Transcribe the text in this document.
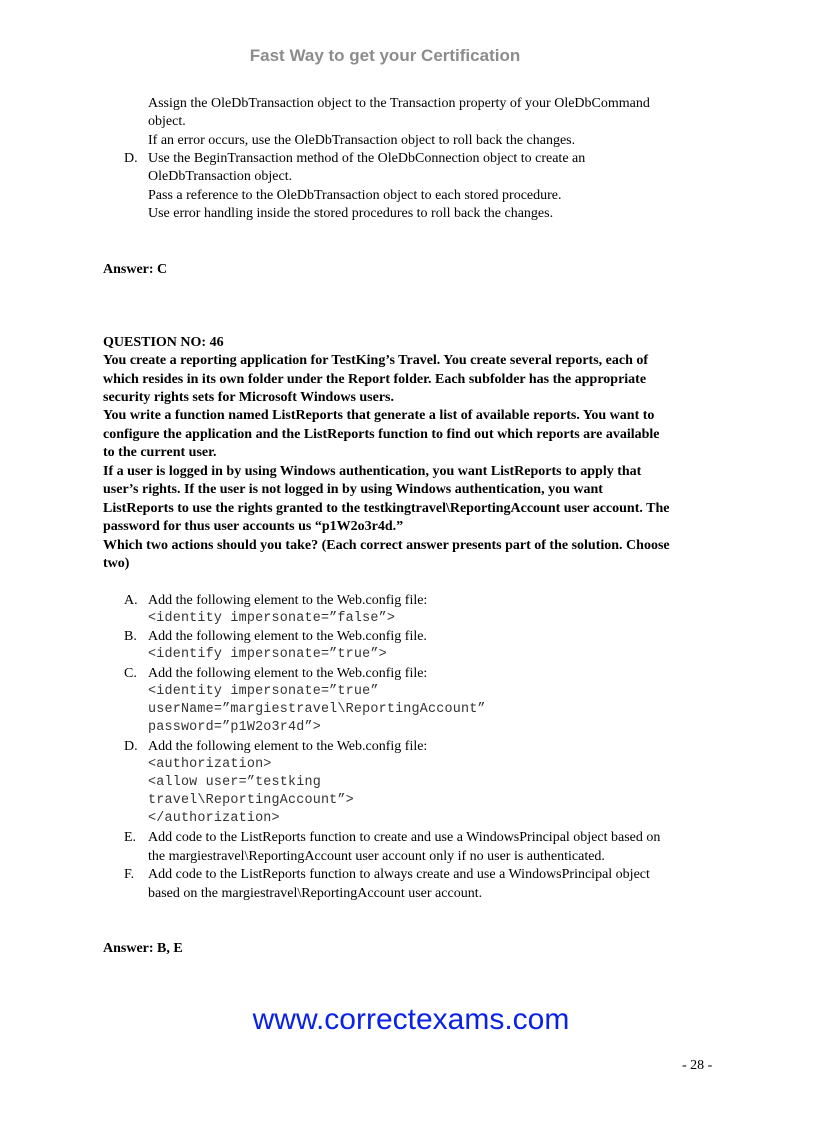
Fast Way to get your Certification
Assign the OleDbTransaction object to the Transaction property of your OleDbCommand
object.
If an error occurs, use the OleDbTransaction object to roll back the changes.
D. Use the BeginTransaction method of the OleDbConnection object to create an
OleDbTransaction object.
Pass a reference to the OleDbTransaction object to each stored procedure.
Use error handling inside the stored procedures to roll back the changes.
Answer: C
QUESTION NO: 46
You create a reporting application for TestKing’s Travel. You create several reports, each of
which resides in its own folder under the Report folder. Each subfolder has the appropriate
security rights sets for Microsoft Windows users.
You write a function named ListReports that generate a list of available reports. You want to
configure the application and the ListReports function to find out which reports are available
to the current user.
If a user is logged in by using Windows authentication, you want ListReports to apply that
user’s rights. If the user is not logged in by using Windows authentication, you want
ListReports to use the rights granted to the testkingtravel\ReportingAccount user account. The
password for thus user accounts us “p1W2o3r4d.”
Which two actions should you take? (Each correct answer presents part of the solution. Choose
two)
A. Add the following element to the Web.config file:
<identity impersonate=”false”>
B. Add the following element to the Web.config file.
<identify impersonate=”true”>
C. Add the following element to the Web.config file:
<identity impersonate=”true”
userName=”margiestravel\ReportingAccount”
password=”p1W2o3r4d”>
D. Add the following element to the Web.config file:
<authorization>
<allow user=”testking
travel\ReportingAccount”>
</authorization>
E. Add code to the ListReports function to create and use a WindowsPrincipal object based on
the margiestravel\ReportingAccount user account only if no user is authenticated.
F. Add code to the ListReports function to always create and use a WindowsPrincipal object
based on the margiestravel\ReportingAccount user account.
Answer: B, E
www.correctexams.com
- 28 -
